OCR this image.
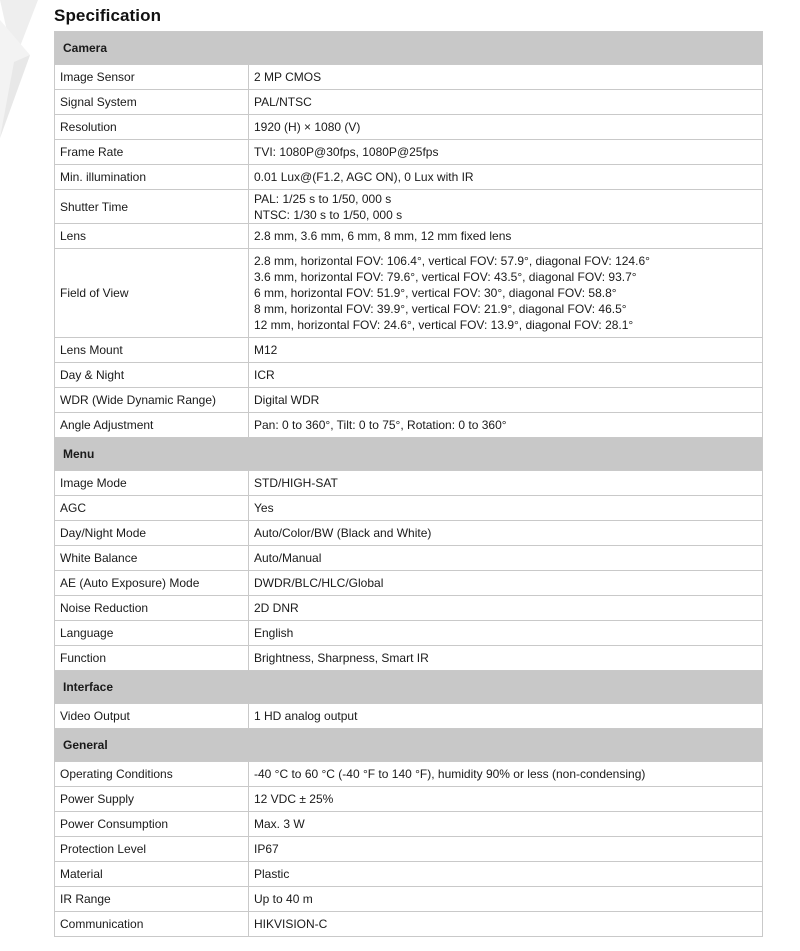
Specification
Camera	
Image Sensor	2 MP CMOS

Signal System	PAL/NTSC

Resolution	1920 (H) × 1080 (V)

Frame Rate	TVI: 1080P@30fps, 1080P@25fps

Min. illumination	0.01 Lux@(F1.2, AGC ON), 0 Lux with IR

Shutter Time	PAL: 1/25 s to 1/50, 000 s
NTSC: 1/30 s to 1/50, 000 s

Lens	2.8 mm, 3.6 mm, 6 mm, 8 mm, 12 mm fixed lens

Field of View	2.8 mm, horizontal FOV: 106.4°, vertical FOV: 57.9°, diagonal FOV: 124.6°
3.6 mm, horizontal FOV: 79.6°, vertical FOV: 43.5°, diagonal FOV: 93.7°
6 mm, horizontal FOV: 51.9°, vertical FOV: 30°, diagonal FOV: 58.8°
8 mm, horizontal FOV: 39.9°, vertical FOV: 21.9°, diagonal FOV: 46.5°
12 mm, horizontal FOV: 24.6°, vertical FOV: 13.9°, diagonal FOV: 28.1°

Lens Mount	M12

Day & Night	ICR

WDR (Wide Dynamic Range)	Digital WDR

Angle Adjustment	Pan: 0 to 360°, Tilt: 0 to 75°, Rotation: 0 to 360°

Menu	
Image Mode	STD/HIGH-SAT

AGC	Yes

Day/Night Mode	Auto/Color/BW (Black and White)

White Balance	Auto/Manual

AE (Auto Exposure) Mode	DWDR/BLC/HLC/Global

Noise Reduction	2D DNR

Language	English

Function	Brightness, Sharpness, Smart IR

Interface	
Video Output	1 HD analog output

General	
Operating Conditions	-40 °C to 60 °C (-40 °F to 140 °F), humidity 90% or less (non-condensing)

Power Supply	12 VDC ± 25%

Power Consumption	Max. 3 W

Protection Level	IP67

Material	Plastic

IR Range	Up to 40 m

Communication	HIKVISION-C
